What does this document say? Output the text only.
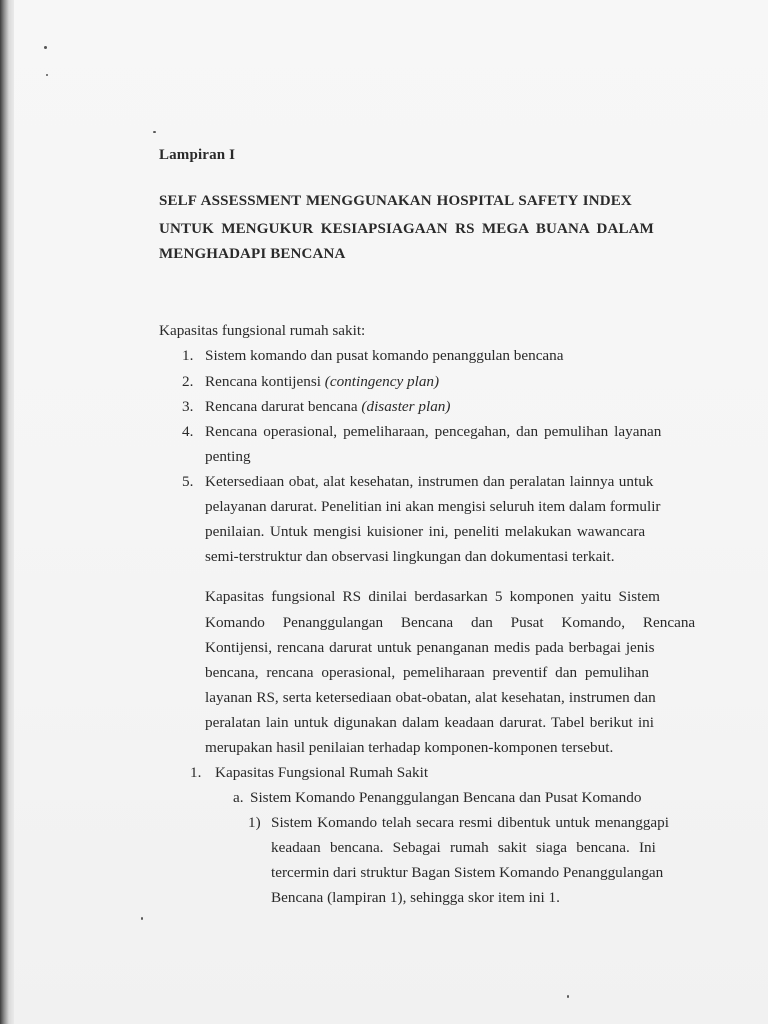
Lampiran I
SELF ASSESSMENT MENGGUNAKAN HOSPITAL SAFETY INDEX
UNTUK MENGUKUR KESIAPSIAGAAN RS MEGA BUANA DALAM
MENGHADAPI BENCANA
Kapasitas fungsional rumah sakit:
1. Sistem komando dan pusat komando penanggulan bencana
2. Rencana kontijensi (contingency plan)
3. Rencana darurat bencana (disaster plan)
4. Rencana operasional, pemeliharaan, pencegahan, dan pemulihan layanan
penting
5. Ketersediaan obat, alat kesehatan, instrumen dan peralatan lainnya untuk
pelayanan darurat. Penelitian ini akan mengisi seluruh item dalam formulir
penilaian. Untuk mengisi kuisioner ini, peneliti melakukan wawancara
semi-terstruktur dan observasi lingkungan dan dokumentasi terkait.
Kapasitas fungsional RS dinilai berdasarkan 5 komponen yaitu Sistem
Komando Penanggulangan Bencana dan Pusat Komando, Rencana
Kontijensi, rencana darurat untuk penanganan medis pada berbagai jenis
bencana, rencana operasional, pemeliharaan preventif dan pemulihan
layanan RS, serta ketersediaan obat-obatan, alat kesehatan, instrumen dan
peralatan lain untuk digunakan dalam keadaan darurat. Tabel berikut ini
merupakan hasil penilaian terhadap komponen-komponen tersebut.
1. Kapasitas Fungsional Rumah Sakit
a. Sistem Komando Penanggulangan Bencana dan Pusat Komando
1) Sistem Komando telah secara resmi dibentuk untuk menanggapi
keadaan bencana. Sebagai rumah sakit siaga bencana. Ini
tercermin dari struktur Bagan Sistem Komando Penanggulangan
Bencana (lampiran 1), sehingga skor item ini 1.
